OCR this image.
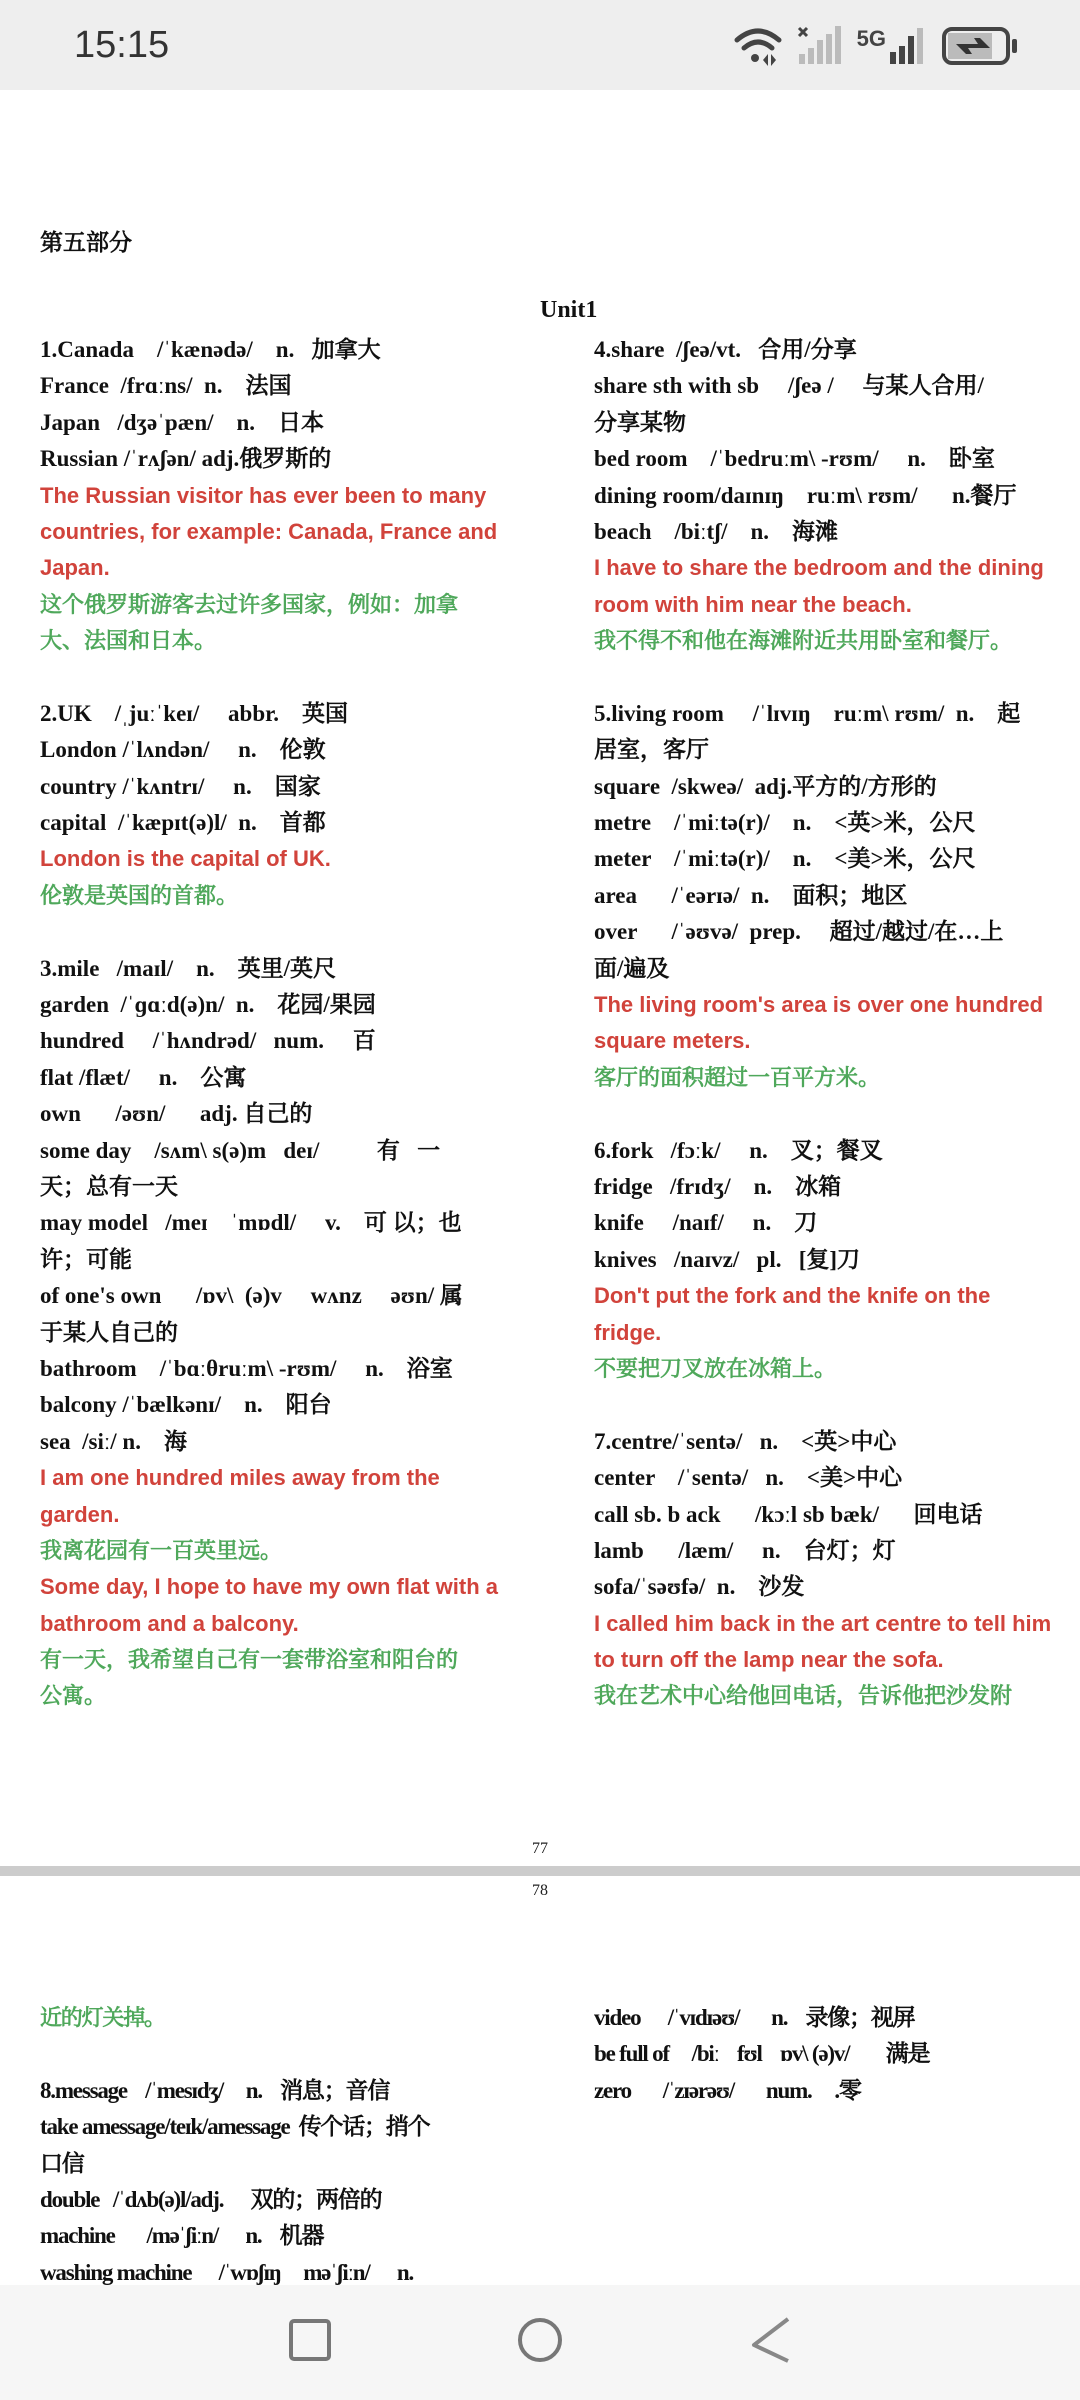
15:15	5G
第五部分
Unit1
1.Canada    /ˈkænədə/    n.   加拿大
France  /frɑːns/  n.    法国
Japan   /dʒəˈpæn/    n.    日本
Russian /ˈrʌʃən/ adj.俄罗斯的
The Russian visitor has ever been to many
countries, for example: Canada, France and
Japan.
这个俄罗斯游客去过许多国家，例如：加拿
大、法国和日本。
2.UK    /ˌjuːˈkeɪ/     abbr.    英国
London /ˈlʌndən/     n.    伦敦
country /ˈkʌntrɪ/     n.    国家
capital  /ˈkæpɪt(ə)l/  n.    首都
London is the capital of UK.
伦敦是英国的首都。
3.mile   /maɪl/    n.    英里/英尺
garden  /ˈɡɑːd(ə)n/  n.    花园/果园
hundred     /ˈhʌndrəd/   num.     百
flat /flæt/     n.    公寓
own      /əʊn/      adj. 自己的
some day    /sʌm\ s(ə)m   deɪ/          有   一
天；总有一天
may model   /meɪ    ˈmɒdl/     v.    可 以；也
许；可能
of one's own      /ɒv\  (ə)v     wʌnz     əʊn/ 属
于某人自己的
bathroom    /ˈbɑːθruːm\ -rʊm/     n.    浴室
balcony /ˈbælkənɪ/    n.    阳台
sea  /siː/ n.    海
I am one hundred miles away from the
garden.
我离花园有一百英里远。
Some day, I hope to have my own flat with a
bathroom and a balcony.
有一天，我希望自己有一套带浴室和阳台的
公寓。
4.share  /ʃeə/vt.   合用/分享
share sth with sb     /ʃeə /     与某人合用/
分享某物
bed room    /ˈbedruːm\ -rʊm/     n.    卧室
dining room/daɪnɪŋ    ruːm\ rʊm/      n.餐厅
beach    /biːtʃ/    n.    海滩
I have to share the bedroom and the dining
room with him near the beach.
我不得不和他在海滩附近共用卧室和餐厅。
5.living room     /ˈlɪvɪŋ    ruːm\ rʊm/  n.    起
居室，客厅
square  /skweə/  adj.平方的/方形的
metre    /ˈmiːtə(r)/    n.    <英>米，公尺
meter    /ˈmiːtə(r)/    n.    <美>米，公尺
area      /ˈeərɪə/  n.    面积；地区
over      /ˈəʊvə/  prep.     超过/越过/在…上
面/遍及
The living room's area is over one hundred
square meters.
客厅的面积超过一百平方米。
6.fork   /fɔːk/     n.    叉；餐叉
fridge   /frɪdʒ/    n.    冰箱
knife     /naɪf/     n.    刀
knives   /naɪvz/   pl.   [复]刀
Don't put the fork and the knife on the
fridge.
不要把刀叉放在冰箱上。
7.centre/ˈsentə/   n.    <英>中心
center    /ˈsentə/   n.    <美>中心
call sb. b ack      /kɔːl sb bæk/      回电话
lamb      /læm/     n.    台灯；灯
sofa/ˈsəʊfə/  n.    沙发
I called him back in the art centre to tell him
to turn off the lamp near the sofa.
我在艺术中心给他回电话，告诉他把沙发附
77
78
近的灯关掉。
8.message    /ˈmesɪdʒ/     n.    消息；音信
take amessage/teɪk/amessage  传个话；捎个
口信
double   /ˈdʌb(ə)l/adj.      双的；两倍的
machine       /məˈʃiːn/      n.    机器
washing machine      /ˈwɒʃɪŋ     məˈʃiːn/      n.
video      /ˈvɪdɪəʊ/       n.    录像；视屏
be full of     /biː    fʊl    ɒv\ (ə)v/        满是
zero       /ˈzɪərəʊ/       num.     .零
